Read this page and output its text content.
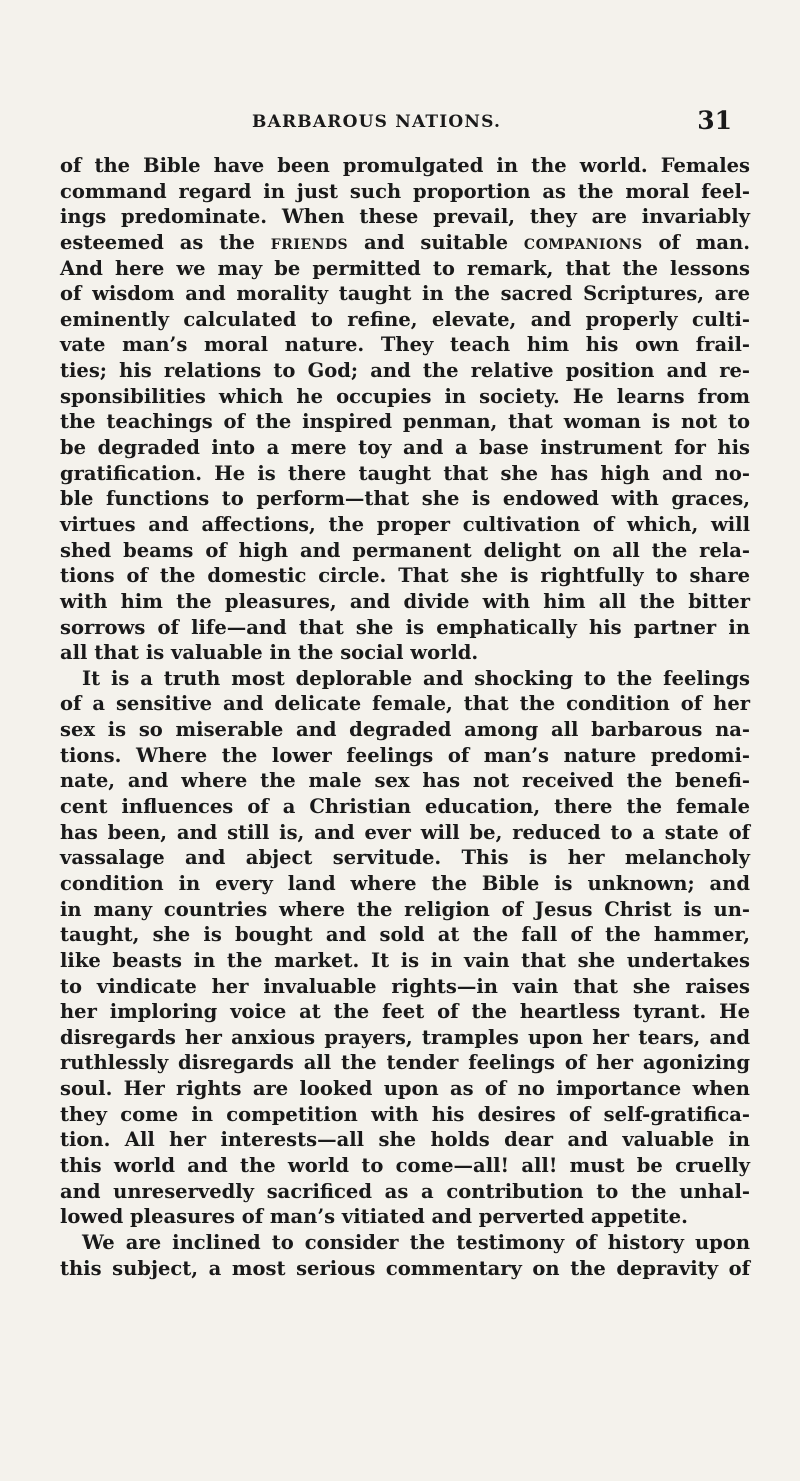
BARBAROUS NATIONS.	31
of the Bible have been promulgated in the world. Females
command regard in just such proportion as the moral feel-
ings predominate. When these prevail, they are invariably
esteemed as the friends and suitable companions of man.
And here we may be permitted to remark, that the lessons
of wisdom and morality taught in the sacred Scriptures, are
eminently calculated to refine, elevate, and properly culti-
vate man’s moral nature. They teach him his own frail-
ties; his relations to God; and the relative position and re-
sponsibilities which he occupies in society. He learns from
the teachings of the inspired penman, that woman is not to
be degraded into a mere toy and a base instrument for his
gratification. He is there taught that she has high and no-
ble functions to perform—that she is endowed with graces,
virtues and affections, the proper cultivation of which, will
shed beams of high and permanent delight on all the rela-
tions of the domestic circle. That she is rightfully to share
with him the pleasures, and divide with him all the bitter
sorrows of life—and that she is emphatically his partner in
all that is valuable in the social world.
It is a truth most deplorable and shocking to the feelings
of a sensitive and delicate female, that the condition of her
sex is so miserable and degraded among all barbarous na-
tions. Where the lower feelings of man’s nature predomi-
nate, and where the male sex has not received the benefi-
cent influences of a Christian education, there the female
has been, and still is, and ever will be, reduced to a state of
vassalage and abject servitude. This is her melancholy
condition in every land where the Bible is unknown; and
in many countries where the religion of Jesus Christ is un-
taught, she is bought and sold at the fall of the hammer,
like beasts in the market. It is in vain that she undertakes
to vindicate her invaluable rights—in vain that she raises
her imploring voice at the feet of the heartless tyrant. He
disregards her anxious prayers, tramples upon her tears, and
ruthlessly disregards all the tender feelings of her agonizing
soul. Her rights are looked upon as of no importance when
they come in competition with his desires of self-gratifica-
tion. All her interests—all she holds dear and valuable in
this world and the world to come—all! all! must be cruelly
and unreservedly sacrificed as a contribution to the unhal-
lowed pleasures of man’s vitiated and perverted appetite.
We are inclined to consider the testimony of history upon
this subject, a most serious commentary on the depravity of
